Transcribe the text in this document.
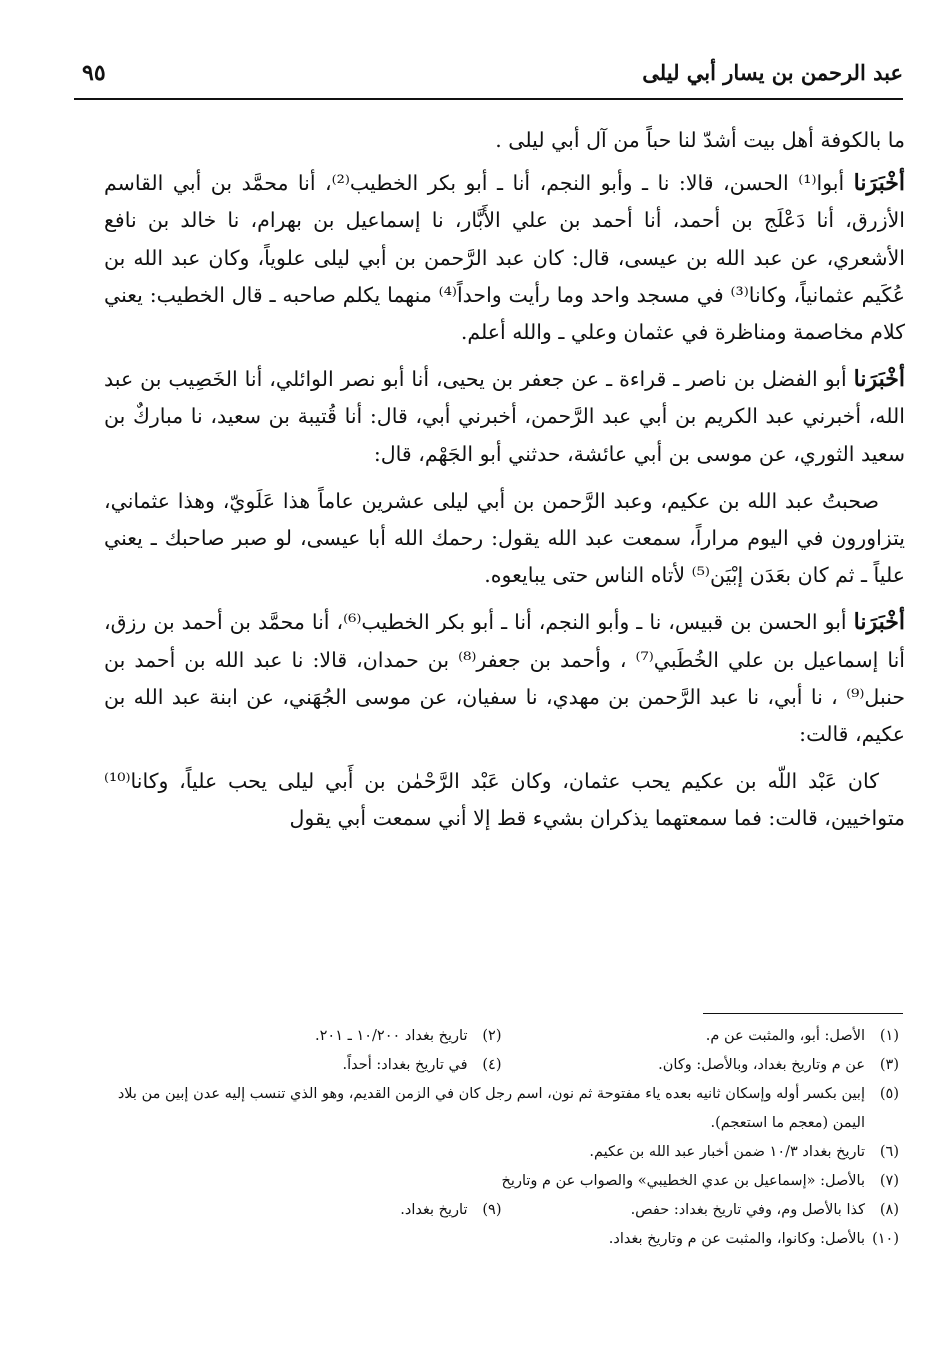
عبد الرحمن بن يسار أبي ليلى
٩٥

ما بالكوفة أهل بيت أشدّ لنا حباً من آل أبي ليلى .

أخْبَرَنا أبوا⁽¹⁾ الحسن، قالا: نا ـ وأبو النجم، أنا ـ أبو بكر الخطيب⁽²⁾، أنا محمَّد بن أبي القاسم الأزرق، أنا دَعْلَج بن أحمد، أنا أحمد بن علي الأَبَّار، نا إسماعيل بن بهرام، نا خالد بن نافع الأشعري، عن عبد الله بن عيسى، قال: كان عبد الرَّحمن بن أبي ليلى علوياً، وكان عبد الله بن عُكَيم عثمانياً، وكانا⁽³⁾ في مسجد واحد وما رأيت واحداً⁽⁴⁾ منهما يكلم صاحبه ـ قال الخطيب: يعني كلام مخاصمة ومناظرة في عثمان وعلي ـ والله أعلم.

أخْبَرَنا أبو الفضل بن ناصر ـ قراءة ـ عن جعفر بن يحيى، أنا أبو نصر الوائلي، أنا الخَصِيب بن عبد الله، أخبرني عبد الكريم بن أبي عبد الرَّحمن، أخبرني أبي، قال: أنا قُتيبة بن سعيد، نا مباركٌ بن سعيد الثوري، عن موسى بن أبي عائشة، حدثني أبو الجَهْم، قال:

صحبتُ عبد الله بن عكيم، وعبد الرَّحمن بن أبي ليلى عشرين عاماً هذا عَلَويّ، وهذا عثماني، يتزاورون في اليوم مراراً، سمعت عبد الله يقول: رحمك الله أبا عيسى، لو صبر صاحبك ـ يعني علياً ـ ثم كان بعَدَن إبْيَن⁽⁵⁾ لأتاه الناس حتى يبايعوه.

أخْبَرَنا أبو الحسن بن قبيس، نا ـ وأبو النجم، أنا ـ أبو بكر الخطيب⁽⁶⁾، أنا محمَّد بن أحمد بن رزق، أنا إسماعيل بن علي الخُطَبي⁽⁷⁾ ، وأحمد بن جعفر⁽⁸⁾ بن حمدان، قالا: نا عبد الله بن أحمد بن حنبل⁽⁹⁾ ، نا أبي، نا عبد الرَّحمن بن مهدي، نا سفيان، عن موسى الجُهَني، عن ابنة عبد الله بن عكيم، قالت:

كان عَبْد اللّه بن عكيم يحب عثمان، وكان عَبْد الرَّحْمٰن بن أَبي ليلى يحب علياً، وكانا⁽¹⁰⁾ متواخيين، قالت: فما سمعتهما يذكران بشيء قط إلا أني سمعت أبي يقول

(١)
الأصل: أبو، والمثبت عن م.
(٢)
تاريخ بغداد ١٠/٢٠٠ ـ ٢٠١.
(٣)
عن م وتاريخ بغداد، وبالأصل: وكان.
(٤)
في تاريخ بغداد: أحداً.
(٥)
إبين بكسر أوله وإسكان ثانيه بعده ياء مفتوحة ثم نون، اسم رجل كان في الزمن القديم، وهو الذي تنسب إليه عدن إبين من بلاد اليمن (معجم ما استعجم).
(٦)
تاريخ بغداد ١٠/٣ ضمن أخبار عبد الله بن عكيم.
(٧)
بالأصل: «إسماعيل بن عدي الخطيبي» والصواب عن م وتاريخ
(٨)
كذا بالأصل وم، وفي تاريخ بغداد: حفص.
(٩)
تاريخ بغداد.
(١٠)
بالأصل: وكانوا، والمثبت عن م وتاريخ بغداد.
